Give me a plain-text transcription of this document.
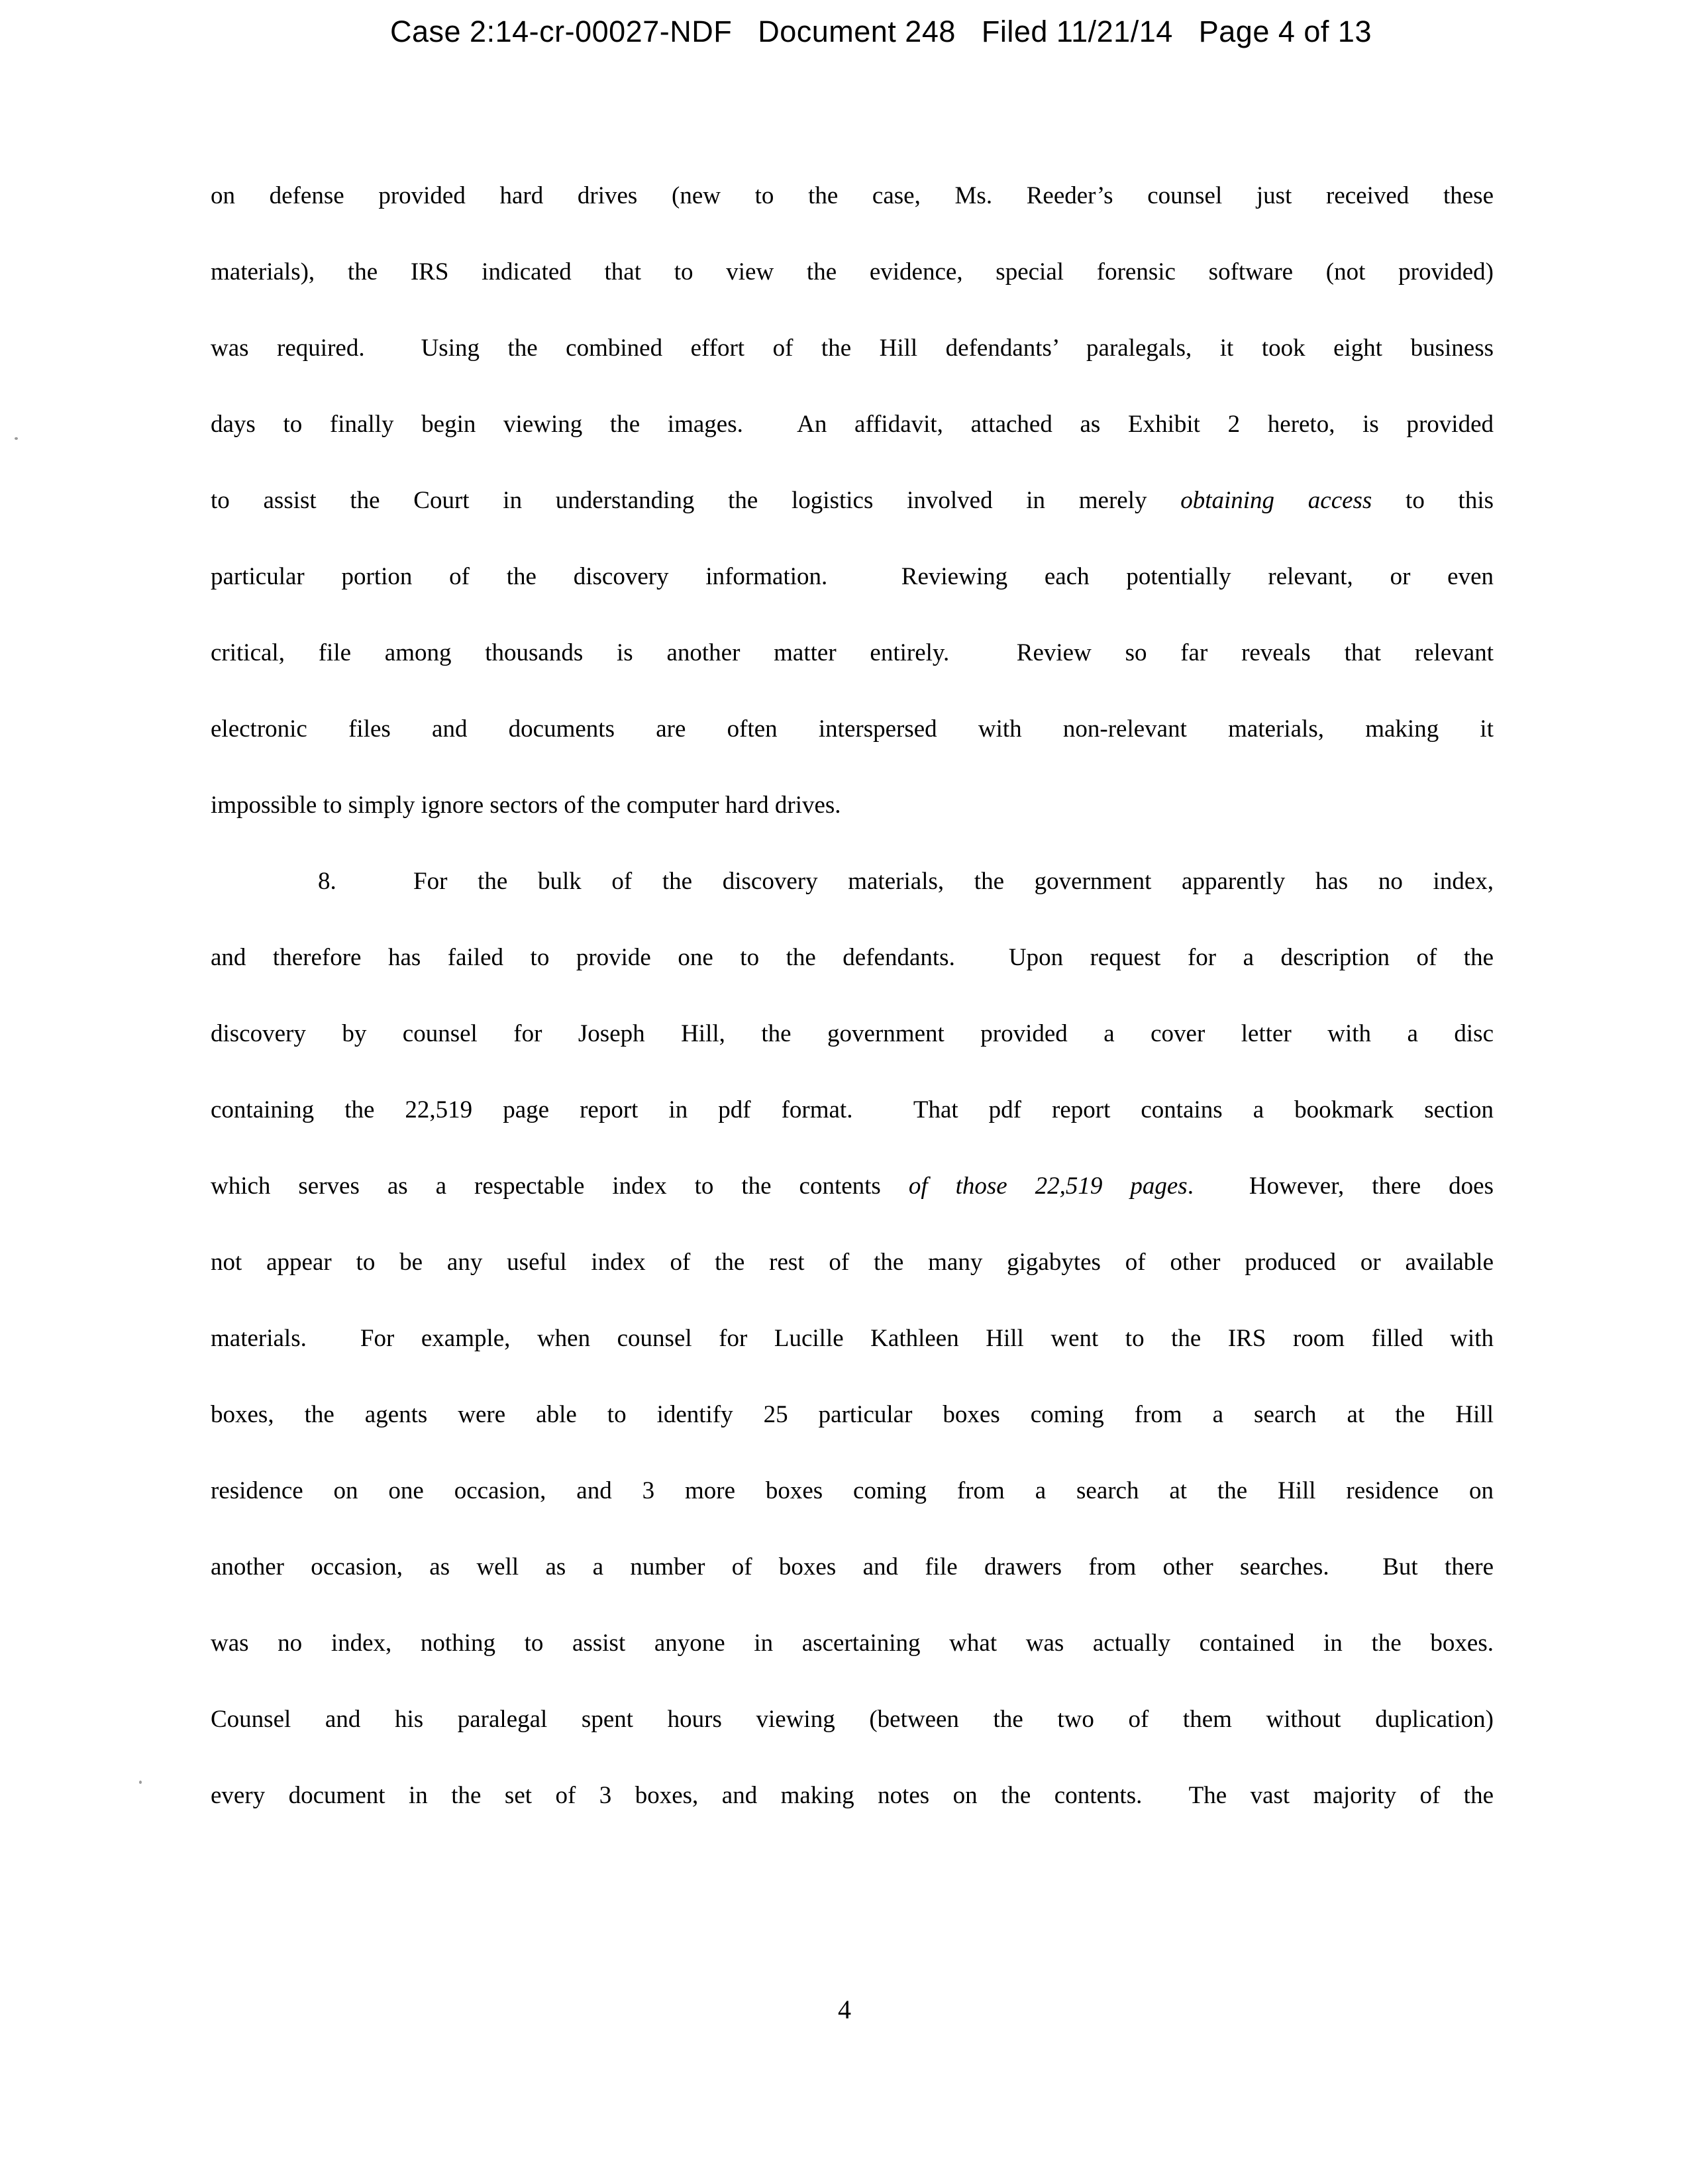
Case 2:14-cr-00027-NDF   Document 248   Filed 11/21/14   Page 4 of 13
on defense provided hard drives (new to the case, Ms. Reeder’s counsel just received these
materials), the IRS indicated that to view the evidence, special forensic software (not provided)
was required.  Using the combined effort of the Hill defendants’ paralegals, it took eight business
days to finally begin viewing the images.  An affidavit, attached as Exhibit 2 hereto, is provided
to assist the Court in understanding the logistics involved in merely obtaining access to this
particular portion of the discovery information.  Reviewing each potentially relevant, or even
critical, file among thousands is another matter entirely.  Review so far reveals that relevant
electronic files and documents are often interspersed with non-relevant materials, making it
impossible to simply ignore sectors of the computer hard drives.
8.	For the bulk of the discovery materials, the government apparently has no index,
and therefore has failed to provide one to the defendants.  Upon request for a description of the
discovery by counsel for Joseph Hill, the government provided a cover letter with a disc
containing the 22,519 page report in pdf format.  That pdf report contains a bookmark section
which serves as a respectable index to the contents of those 22,519 pages.  However, there does
not appear to be any useful index of the rest of the many gigabytes of other produced or available
materials.  For example, when counsel for Lucille Kathleen Hill went to the IRS room filled with
boxes, the agents were able to identify 25 particular boxes coming from a search at the Hill
residence on one occasion, and 3 more boxes coming from a search at the Hill residence on
another occasion, as well as a number of boxes and file drawers from other searches.  But there
was no index, nothing to assist anyone in ascertaining what was actually contained in the boxes.
Counsel and his paralegal spent hours viewing (between the two of them without duplication)
every document in the set of 3 boxes, and making notes on the contents.  The vast majority of the
4
